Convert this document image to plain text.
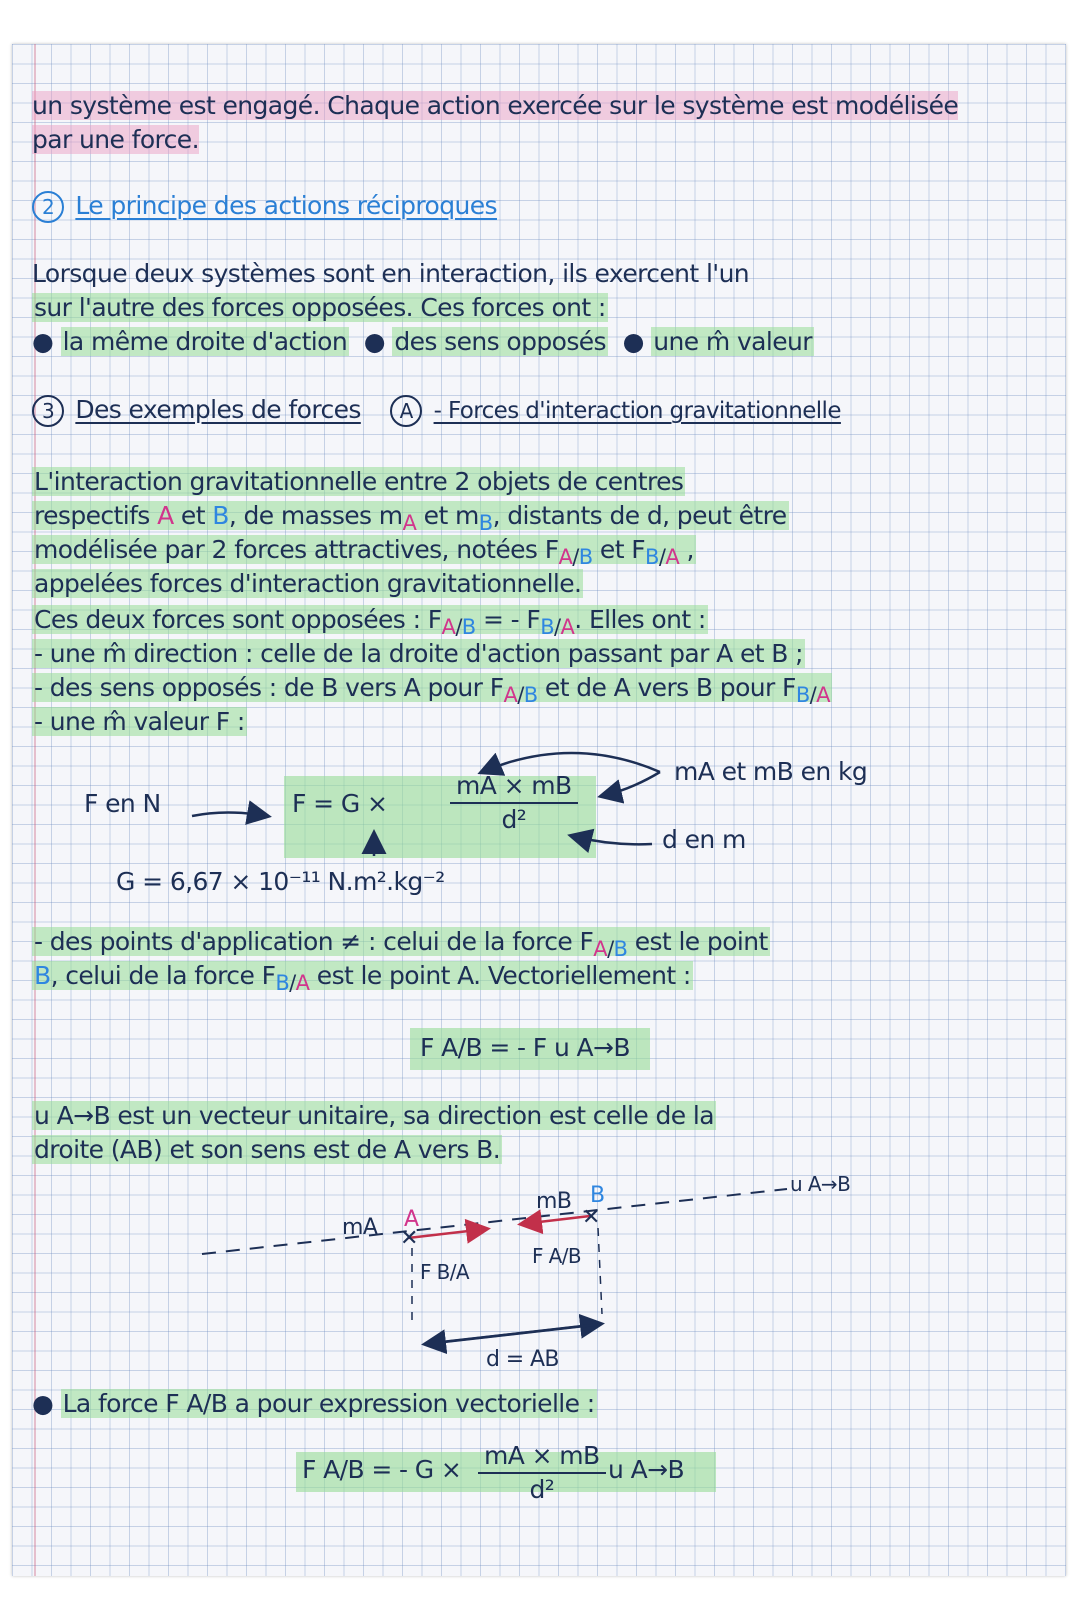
un système est engagé. Chaque action exercée sur le système est modélisée
par une force.
2 Le principe des actions réciproques
Lorsque deux systèmes sont en interaction, ils exercent l'un
sur l'autre des forces opposées. Ces forces ont :
● la même droite d'action ● des sens opposés ● une m̂ valeur
3 Des exemples de forces A - Forces d'interaction gravitationnelle
L'interaction gravitationnelle entre 2 objets de centres
respectifs A et B, de masses $m_A$ et $m_B$, distants de d, peut être
modélisée par 2 forces attractives, notées $F_{A/B}$ et $F_{B/A}$ ,
appelées forces d'interaction gravitationnelle.
Ces deux forces sont opposées : $F_{A/B}$ = - $F_{B/A}$. Elles ont :
- une m̂ direction : celle de la droite d'action passant par A et B ;
- des sens opposés : de B vers A pour $F_{A/B}$ et de A vers B pour $F_{B/A}$
- une m̂ valeur F :
F en N	F = G ×	$\frac{mA \times mB}{\text{d²}}$	mA et mB en kg
d en m
G = 6,67 × 10⁻¹¹ N.m².kg⁻²
- des points d'application ≠ : celui de la force $F_{A/B}$ est le point
B, celui de la force $F_{B/A}$ est le point A. Vectoriellement :
F A/B = - F u A→B
u A→B est un vecteur unitaire, sa direction est celle de la
droite (AB) et son sens est de A vers B.
✕
✕
mA A
mB B
F B/A
F A/B
u A→B
d = AB
● La force F A/B a pour expression vectorielle :
F A/B = - $G \times \frac{mA \times mB}{\text{d²}}$ u A→B
